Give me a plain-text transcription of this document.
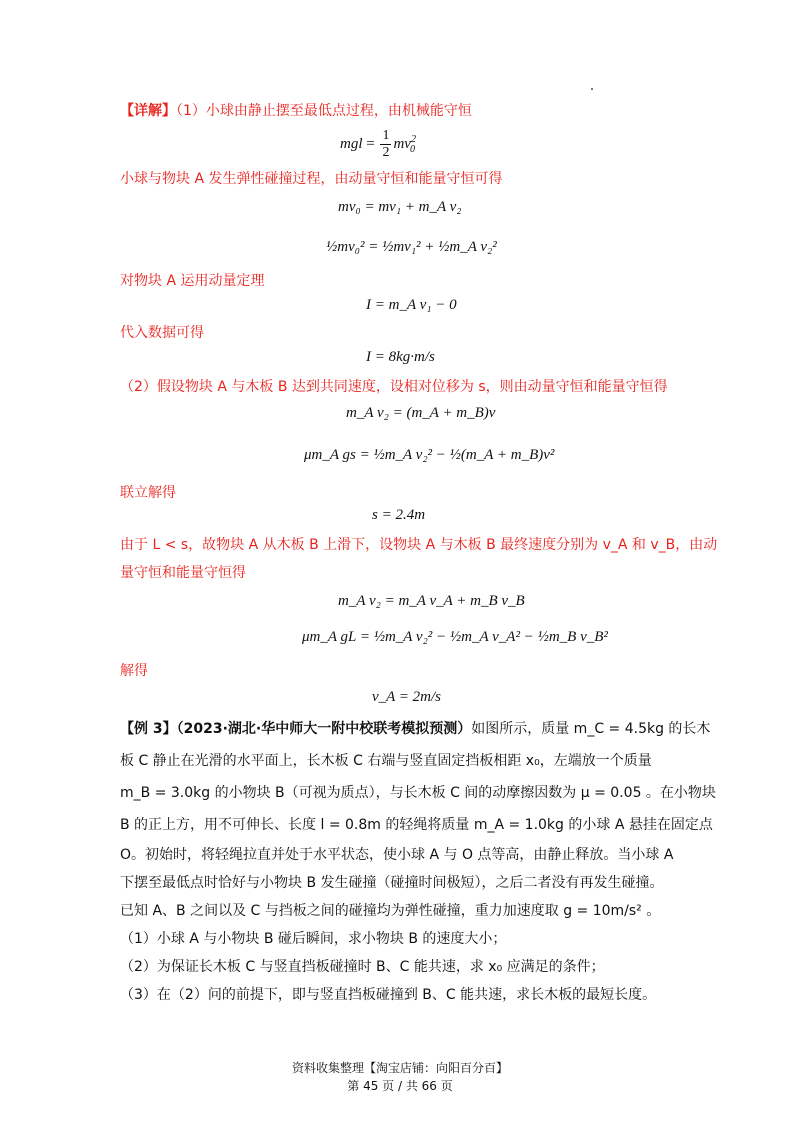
【详解】（1）小球由静止摆至最低点过程，由机械能守恒
mgl = $\frac{1}{2} mv^2_0$
小球与物块 A 发生弹性碰撞过程，由动量守恒和能量守恒可得
mv₀ = mv₁ + m_A v₂
½mv₀² = ½mv₁² + ½m_A v₂²
对物块 A 运用动量定理
I = m_A v₁ − 0
代入数据可得
I = 8kg·m/s
（2）假设物块 A 与木板 B 达到共同速度，设相对位移为 s，则由动量守恒和能量守恒得
m_A v₂ = (m_A + m_B)v
μm_A gs = ½m_A v₂² − ½(m_A + m_B)v²
联立解得
s = 2.4m
由于 L < s，故物块 A 从木板 B 上滑下，设物块 A 与木板 B 最终速度分别为 v_A 和 v_B，由动
量守恒和能量守恒得
m_A v₂ = m_A v_A + m_B v_B
μm_A gL = ½m_A v₂² − ½m_A v_A² − ½m_B v_B²
解得
v_A = 2m/s
【例 3】（2023·湖北·华中师大一附中校联考模拟预测）如图所示，质量 m_C = 4.5kg 的长木
板 C 静止在光滑的水平面上，长木板 C 右端与竖直固定挡板相距 x₀，左端放一个质量
m_B = 3.0kg 的小物块 B（可视为质点），与长木板 C 间的动摩擦因数为 μ = 0.05 。在小物块
B 的正上方，用不可伸长、长度 l = 0.8m 的轻绳将质量 m_A = 1.0kg 的小球 A 悬挂在固定点
O。初始时，将轻绳拉直并处于水平状态，使小球 A 与 O 点等高，由静止释放。当小球 A
下摆至最低点时恰好与小物块 B 发生碰撞（碰撞时间极短），之后二者没有再发生碰撞。
已知 A、B 之间以及 C 与挡板之间的碰撞均为弹性碰撞，重力加速度取 g = 10m/s² 。
（1）小球 A 与小物块 B 碰后瞬间，求小物块 B 的速度大小；
（2）为保证长木板 C 与竖直挡板碰撞时 B、C 能共速，求 x₀ 应满足的条件；
（3）在（2）问的前提下，即与竖直挡板碰撞到 B、C 能共速，求长木板的最短长度。
资料收集整理【淘宝店铺：向阳百分百】
第 45 页 / 共 66 页
